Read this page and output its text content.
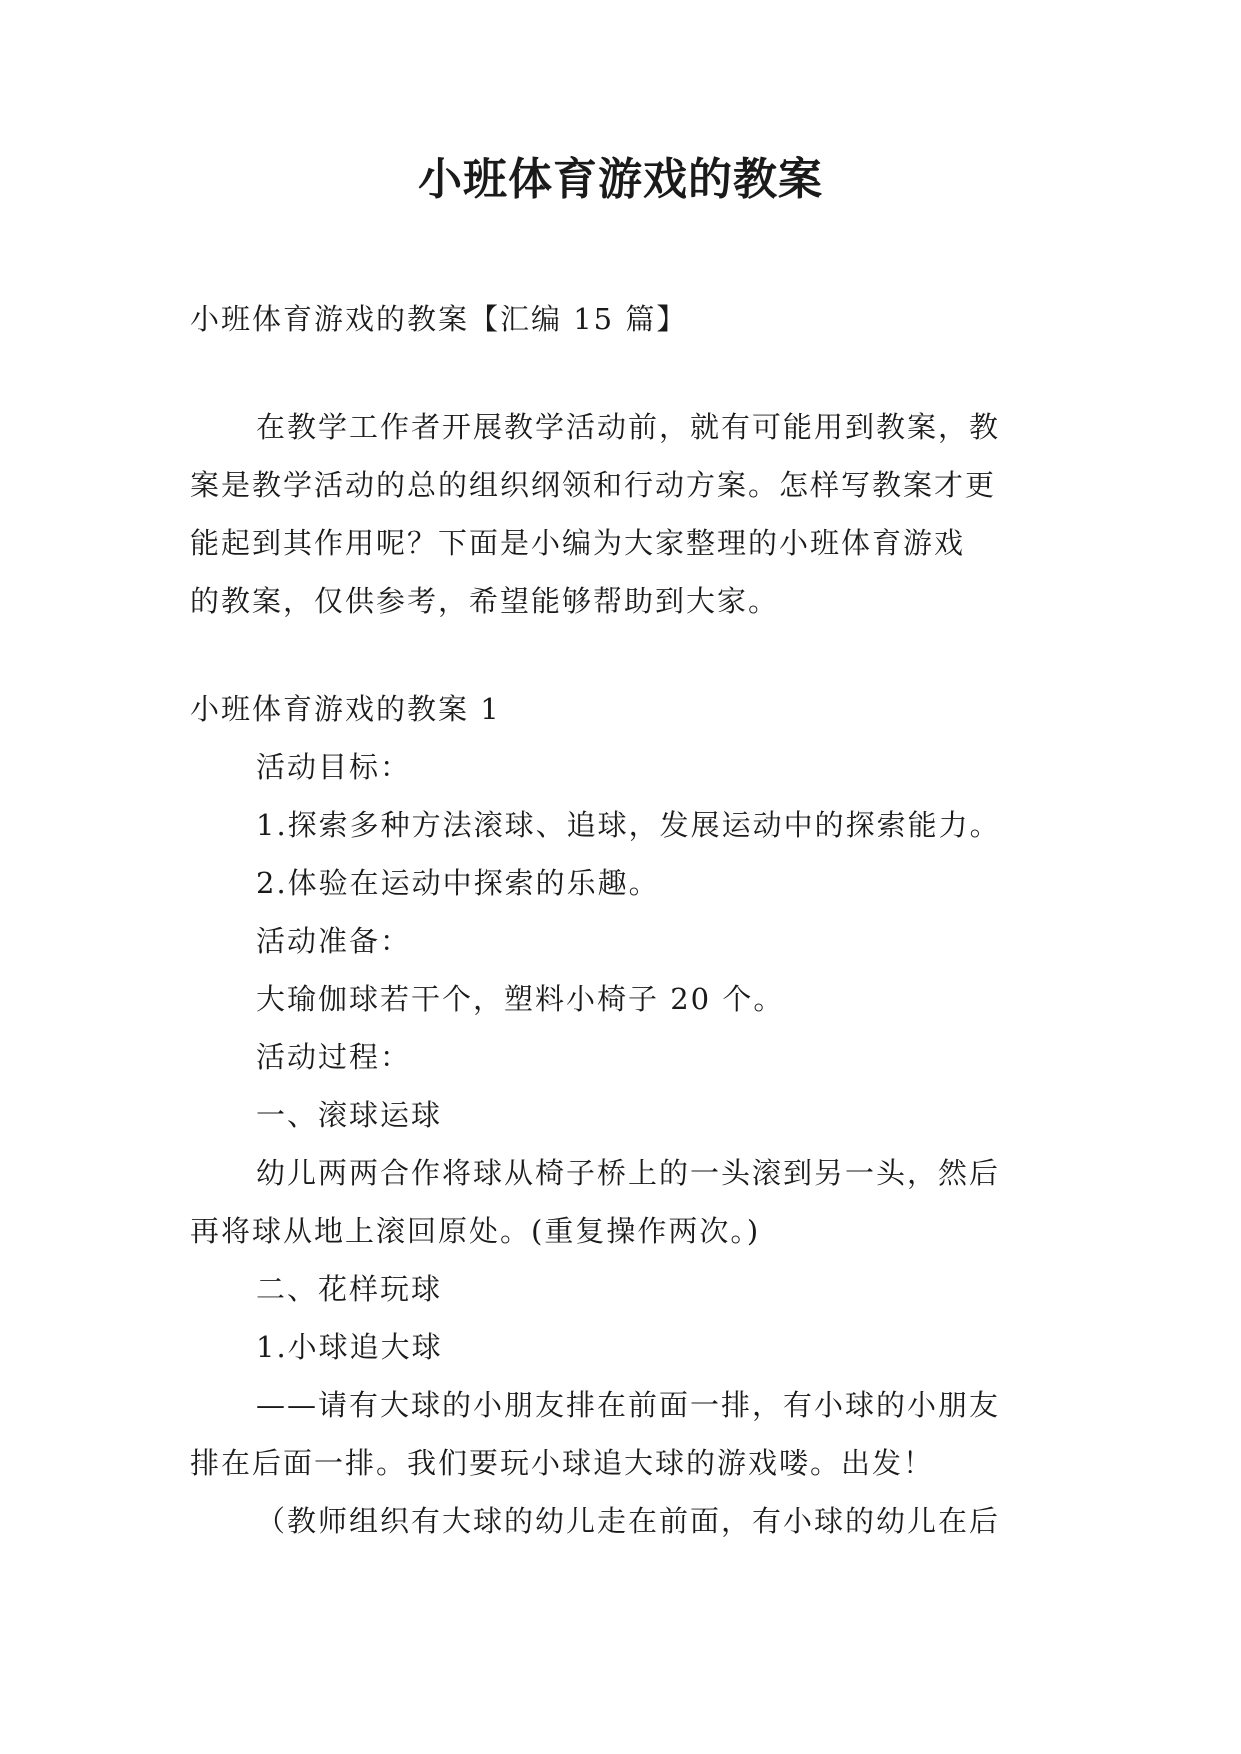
小班体育游戏的教案
小班体育游戏的教案【汇编 15 篇】
在教学工作者开展教学活动前，就有可能用到教案，教
案是教学活动的总的组织纲领和行动方案。怎样写教案才更
能起到其作用呢？下面是小编为大家整理的小班体育游戏
的教案，仅供参考，希望能够帮助到大家。
小班体育游戏的教案 1
活动目标：
1.探索多种方法滚球、追球，发展运动中的探索能力。
2.体验在运动中探索的乐趣。
活动准备：
大瑜伽球若干个，塑料小椅子 20 个。
活动过程：
一、滚球运球
幼儿两两合作将球从椅子桥上的一头滚到另一头，然后
再将球从地上滚回原处。(重复操作两次。)
二、花样玩球
1.小球追大球
——请有大球的小朋友排在前面一排，有小球的小朋友
排在后面一排。我们要玩小球追大球的游戏喽。出发！
（教师组织有大球的幼儿走在前面，有小球的幼儿在后
